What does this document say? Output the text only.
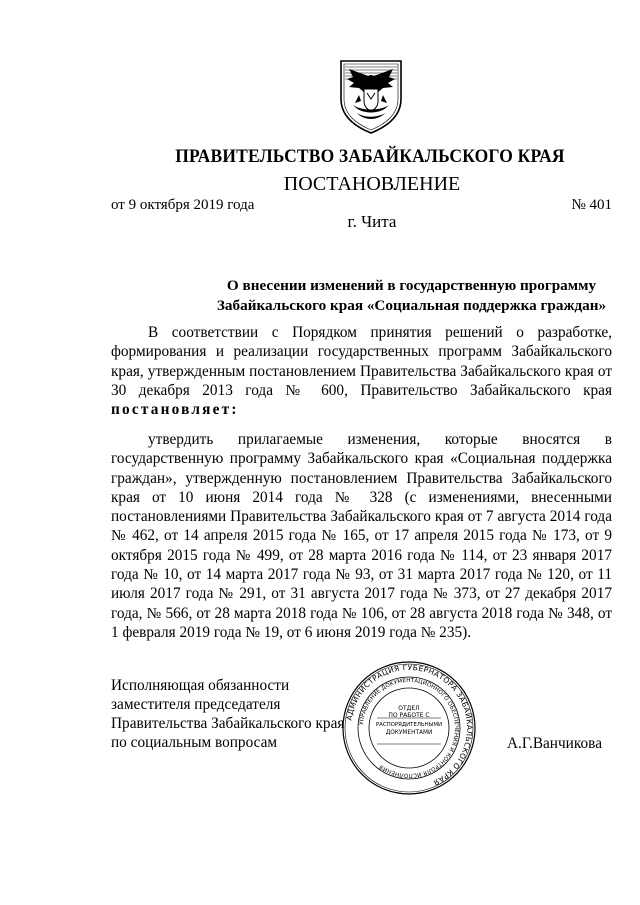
ПРАВИТЕЛЬСТВО ЗАБАЙКАЛЬСКОГО КРАЯ
ПОСТАНОВЛЕНИЕ
от 9 октября 2019 года	№ 401
г. Чита
О внесении изменений в государственную программу
Забайкальского края «Социальная поддержка граждан»
В соответствии с Порядком принятия решений о разработке, формирования и реализации государственных программ Забайкальского края, утвержденным постановлением Правительства Забайкальского края от 30 декабря 2013 года № 600, Правительство Забайкальского края постановляет:
утвердить прилагаемые изменения, которые вносятся в государственную программу Забайкальского края «Социальная поддержка граждан», утвержденную постановлением Правительства Забайкальского края от 10 июня 2014 года № 328 (с изменениями, внесенными постановлениями Правительства Забайкальского края от 7 августа 2014 года № 462, от 14 апреля 2015 года № 165, от 17 апреля 2015 года № 173, от 9 октября 2015 года № 499, от 28 марта 2016 года № 114, от 23 января 2017 года № 10, от 14 марта 2017 года № 93, от 31 марта 2017 года № 120, от 11 июля 2017 года № 291, от 31 августа 2017 года № 373, от 27 декабря 2017 года, № 566, от 28 марта 2018 года № 106, от 28 августа 2018 года № 348, от 1 февраля 2019 года № 19, от 6 июня 2019 года № 235).
Исполняющая обязанности
заместителя председателя
Правительства Забайкальского края
по социальным вопросам
АДМИНИСТРАЦИЯ ГУБЕРНАТОРА ЗАБАЙКАЛЬСКОГО КРАЯ
УПРАВЛЕНИЕ ДОКУМЕНТАЦИОННОГО ОБЕСПЕЧЕНИЯ И КОНТРОЛЯ ИСПОЛНЕНИЯ
ОТДЕЛ
ПО РАБОТЕ С
РАСПОРЯДИТЕЛЬНЫМИ
ДОКУМЕНТАМИ
А.Г.Ванчикова
